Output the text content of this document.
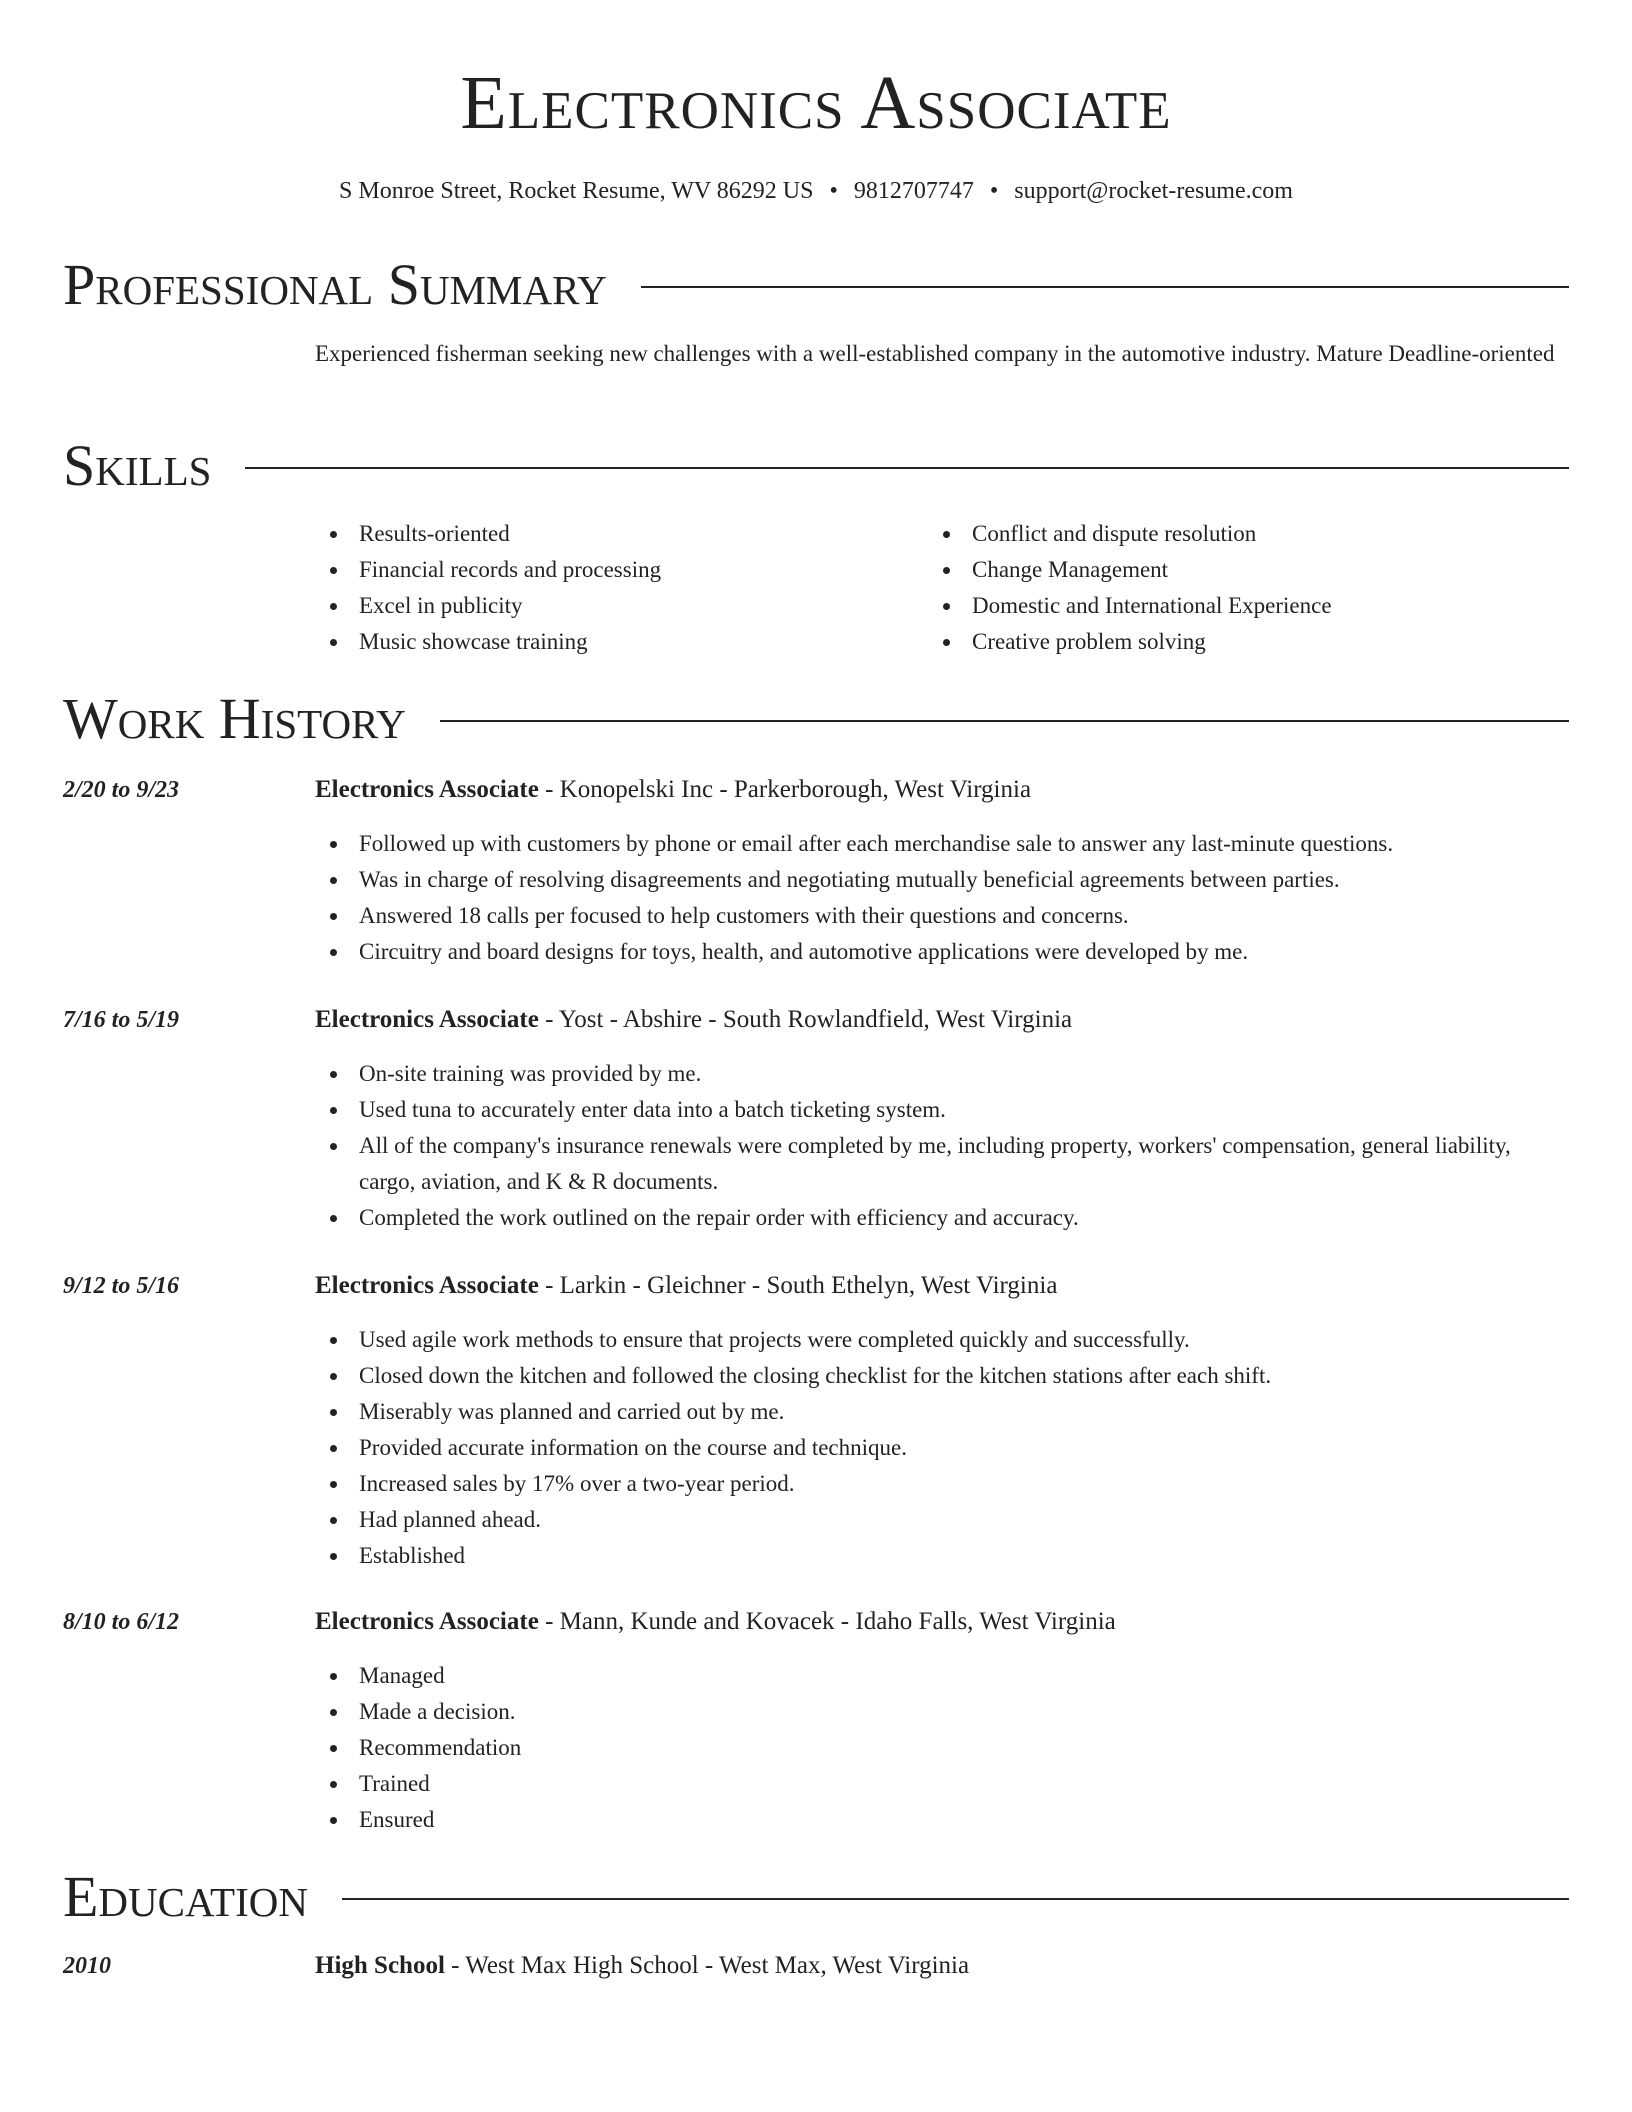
Electronics Associate
S Monroe Street, Rocket Resume, WV 86292 US • 9812707747 • support@rocket-resume.com
Professional Summary
Experienced fisherman seeking new challenges with a well-established company in the automotive industry. Mature Deadline-oriented
Skills
Results-oriented
Financial records and processing
Excel in publicity
Music showcase training
Conflict and dispute resolution
Change Management
Domestic and International Experience
Creative problem solving
Work History
2/20 to 9/23	Electronics Associate - Konopelski Inc - Parkerborough, West Virginia
Followed up with customers by phone or email after each merchandise sale to answer any last-minute questions.
Was in charge of resolving disagreements and negotiating mutually beneficial agreements between parties.
Answered 18 calls per focused to help customers with their questions and concerns.
Circuitry and board designs for toys, health, and automotive applications were developed by me.
7/16 to 5/19	Electronics Associate - Yost - Abshire - South Rowlandfield, West Virginia
On-site training was provided by me.
Used tuna to accurately enter data into a batch ticketing system.
All of the company's insurance renewals were completed by me, including property, workers' compensation, general liability, cargo, aviation, and K & R documents.
Completed the work outlined on the repair order with efficiency and accuracy.
9/12 to 5/16	Electronics Associate - Larkin - Gleichner - South Ethelyn, West Virginia
Used agile work methods to ensure that projects were completed quickly and successfully.
Closed down the kitchen and followed the closing checklist for the kitchen stations after each shift.
Miserably was planned and carried out by me.
Provided accurate information on the course and technique.
Increased sales by 17% over a two-year period.
Had planned ahead.
Established
8/10 to 6/12	Electronics Associate - Mann, Kunde and Kovacek - Idaho Falls, West Virginia
Managed
Made a decision.
Recommendation
Trained
Ensured
Education
2010	High School - West Max High School - West Max, West Virginia
